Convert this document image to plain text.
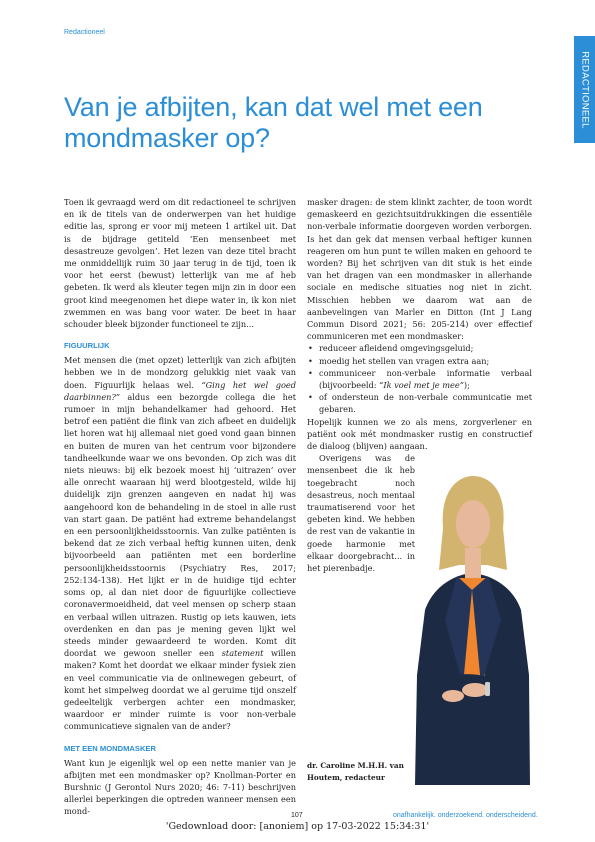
Redactioneel
REDACTIONEEL
Van je afbijten, kan dat wel met een mondmasker op?

Toen ik gevraagd werd om dit redactioneel te schrijven en ik de titels van de onderwerpen van het huidige editie las, sprong er voor mij meteen 1 artikel uit. Dat is de bijdrage getiteld ‘Een mensenbeet met desastreuze gevolgen’. Het lezen van deze titel bracht me onmiddellijk ruim 30 jaar terug in de tijd, toen ik voor het eerst (bewust) letterlijk van me af heb gebeten. Ik werd als kleuter tegen mijn zin in door een groot kind meegenomen het diepe water in, ik kon niet zwemmen en was bang voor water. De beet in haar schouder bleek bijzonder functioneel te zijn...

FIGUURLIJK

Met mensen die (met opzet) letterlijk van zich afbijten hebben we in de mondzorg gelukkig niet vaak van doen. Figuurlijk helaas wel. “Ging het wel goed daarbinnen?” aldus een bezorgde collega die het rumoer in mijn behandelkamer had gehoord. Het betrof een patiënt die flink van zich afbeet en duidelijk liet horen wat hij allemaal niet goed vond gaan binnen en buiten de muren van het centrum voor bijzondere tandheelkunde waar we ons bevonden. Op zich was dit niets nieuws: bij elk bezoek moest hij ‘uitrazen’ over alle onrecht waaraan hij werd blootgesteld, wilde hij duidelijk zijn grenzen aangeven en nadat hij was aangehoord kon de behandeling in de stoel in alle rust van start gaan. De patiënt had extreme behandelangst en een persoonlijkheidsstoornis. Van zulke patiënten is bekend dat ze zich verbaal heftig kunnen uiten, denk bijvoorbeeld aan patiënten met een borderline persoonlijkheidsstoornis (Psychiatry Res, 2017; 252:134-138). Het lijkt er in de huidige tijd echter soms op, al dan niet door de figuurlijke collectieve coronavermoeidheid, dat veel mensen op scherp staan en verbaal willen uitrazen. Rustig op iets kauwen, iets overdenken en dan pas je mening geven lijkt wel steeds minder gewaardeerd te worden. Komt dit doordat we gewoon sneller een statement willen maken? Komt het doordat we elkaar minder fysiek zien en veel communicatie via de onlinewegen gebeurt, of komt het simpelweg doordat we al geruime tijd onszelf gedeeltelijk verbergen achter een mondmasker, waardoor er minder ruimte is voor non-verbale communicatieve signalen van de ander?

MET EEN MONDMASKER

Want kun je eigenlijk wel op een nette manier van je afbijten met een mondmasker op? Knollman-Porter en Burshnic (J Gerontol Nurs 2020; 46: 7-11) beschrijven allerlei beperkingen die optreden wanneer mensen een mond-

masker dragen: de stem klinkt zachter, de toon wordt gemaskeerd en gezichtsuitdrukkingen die essentiële non-verbale informatie doorgeven worden verborgen. Is het dan gek dat mensen verbaal heftiger kunnen reageren om hun punt te willen maken en gehoord te worden? Bij het schrijven van dit stuk is het einde van het dragen van een mondmasker in allerhande sociale en medische situaties nog niet in zicht. Misschien hebben we daarom wat aan de aanbevelingen van Marler en Ditton (Int J Lang Commun Disord 2021; 56: 205-214) over effectief communiceren met een mondmasker:

• reduceer afleidend omgevingsgeluid;
• moedig het stellen van vragen extra aan;
• communiceer non-verbale informatie verbaal (bijvoorbeeld: “Ik voel met je mee”);
• of ondersteun de non-verbale communicatie met gebaren.

Hopelijk kunnen we zo als mens, zorgverlener en patiënt ook mét mondmasker rustig en constructief de dialoog (blijven) aangaan.

Overigens was de mensenbeet die ik heb toegebracht noch desastreus, noch mentaal traumatiserend voor het gebeten kind. We hebben de rest van de vakantie in goede harmonie met elkaar doorgebracht... in het pierenbadje.

dr. Caroline M.H.H. van Houtem, redacteur

107	onafhankelijk. onderzoekend. onderscheidend.
'Gedownload door: [anoniem] op 17-03-2022 15:34:31'
